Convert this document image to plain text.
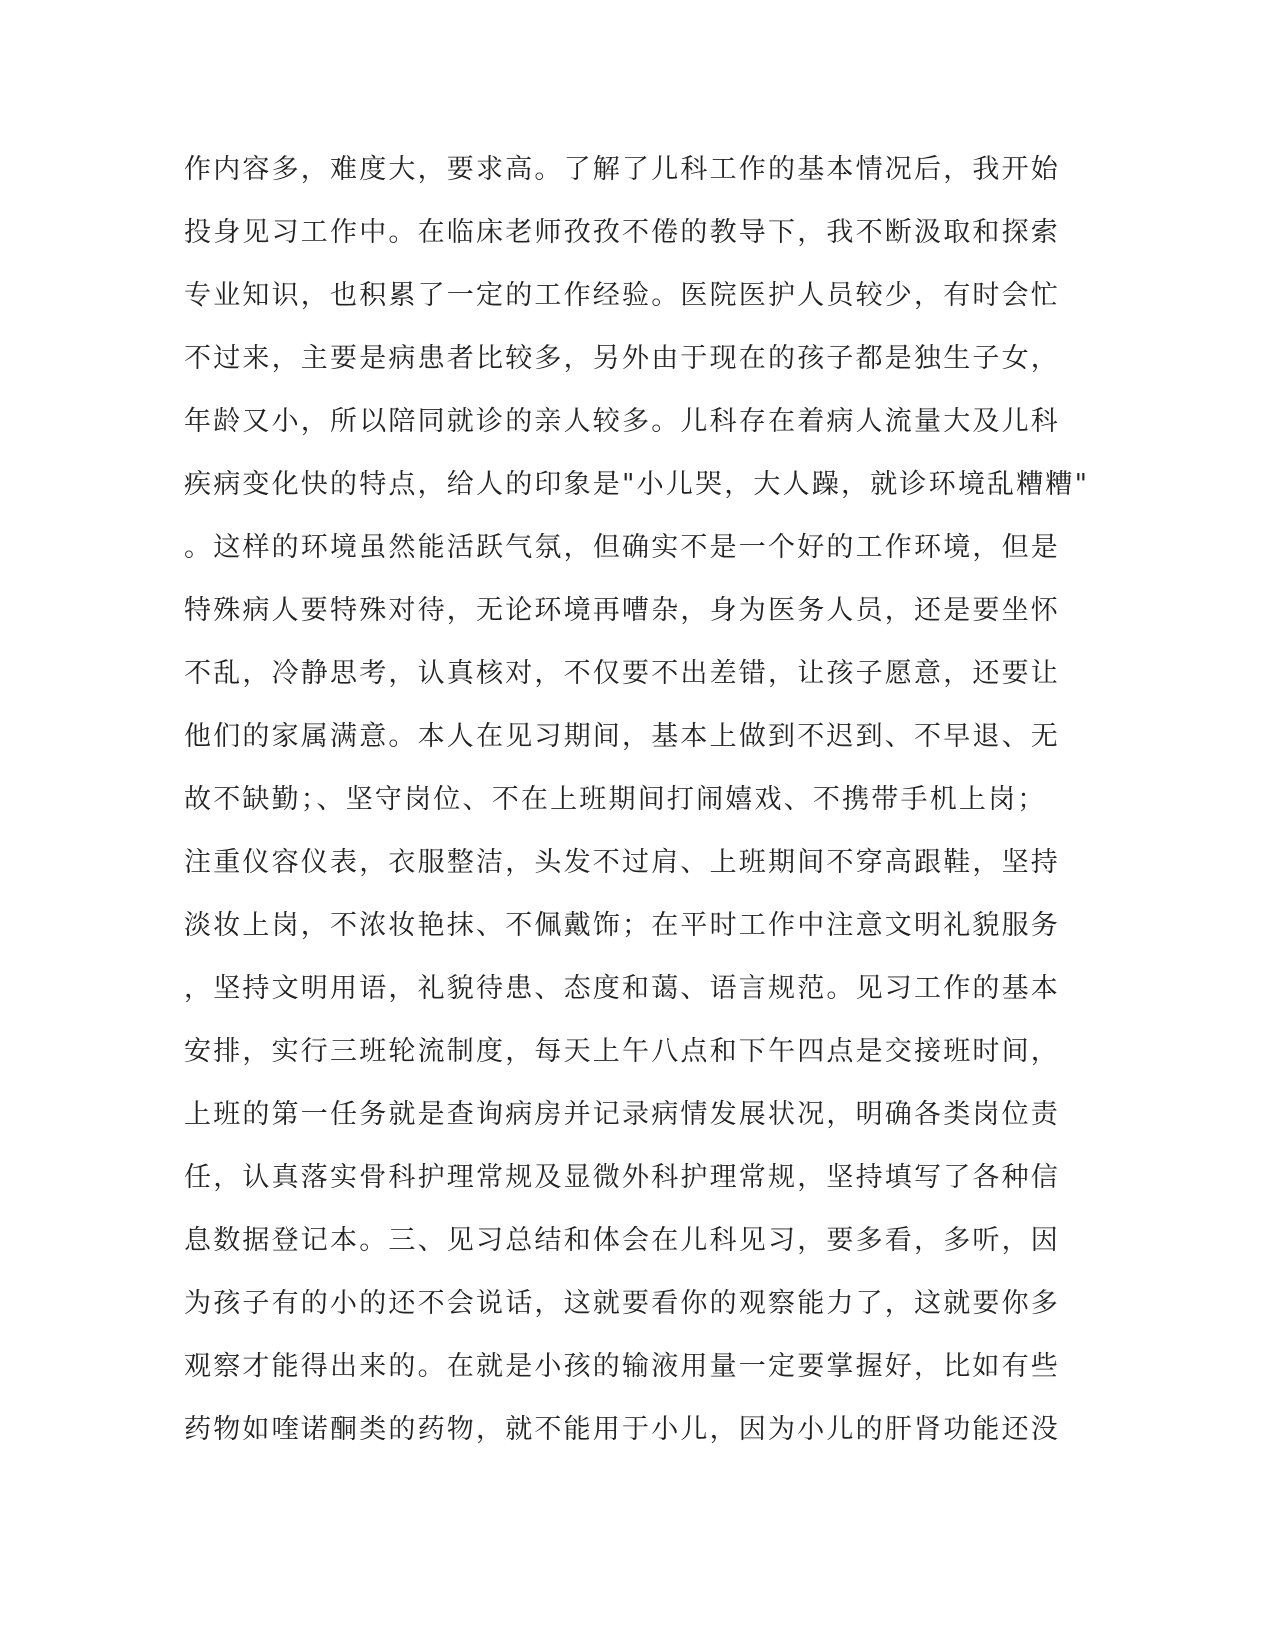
作内容多，难度大，要求高。了解了儿科工作的基本情况后，我开始
投身见习工作中。在临床老师孜孜不倦的教导下，我不断汲取和探索
专业知识，也积累了一定的工作经验。医院医护人员较少，有时会忙
不过来，主要是病患者比较多，另外由于现在的孩子都是独生子女，
年龄又小，所以陪同就诊的亲人较多。儿科存在着病人流量大及儿科
疾病变化快的特点，给人的印象是"小儿哭，大人躁，就诊环境乱糟糟"
。这样的环境虽然能活跃气氛，但确实不是一个好的工作环境，但是
特殊病人要特殊对待，无论环境再嘈杂，身为医务人员，还是要坐怀
不乱，冷静思考，认真核对，不仅要不出差错，让孩子愿意，还要让
他们的家属满意。本人在见习期间，基本上做到不迟到、不早退、无
故不缺勤；、坚守岗位、不在上班期间打闹嬉戏、不携带手机上岗；
注重仪容仪表，衣服整洁，头发不过肩、上班期间不穿高跟鞋，坚持
淡妆上岗，不浓妆艳抹、不佩戴饰；在平时工作中注意文明礼貌服务
，坚持文明用语，礼貌待患、态度和蔼、语言规范。见习工作的基本
安排，实行三班轮流制度，每天上午八点和下午四点是交接班时间，
上班的第一任务就是查询病房并记录病情发展状况，明确各类岗位责
任，认真落实骨科护理常规及显微外科护理常规，坚持填写了各种信
息数据登记本。三、见习总结和体会在儿科见习，要多看，多听，因
为孩子有的小的还不会说话，这就要看你的观察能力了，这就要你多
观察才能得出来的。在就是小孩的输液用量一定要掌握好，比如有些
药物如喹诺酮类的药物，就不能用于小儿，因为小儿的肝肾功能还没
